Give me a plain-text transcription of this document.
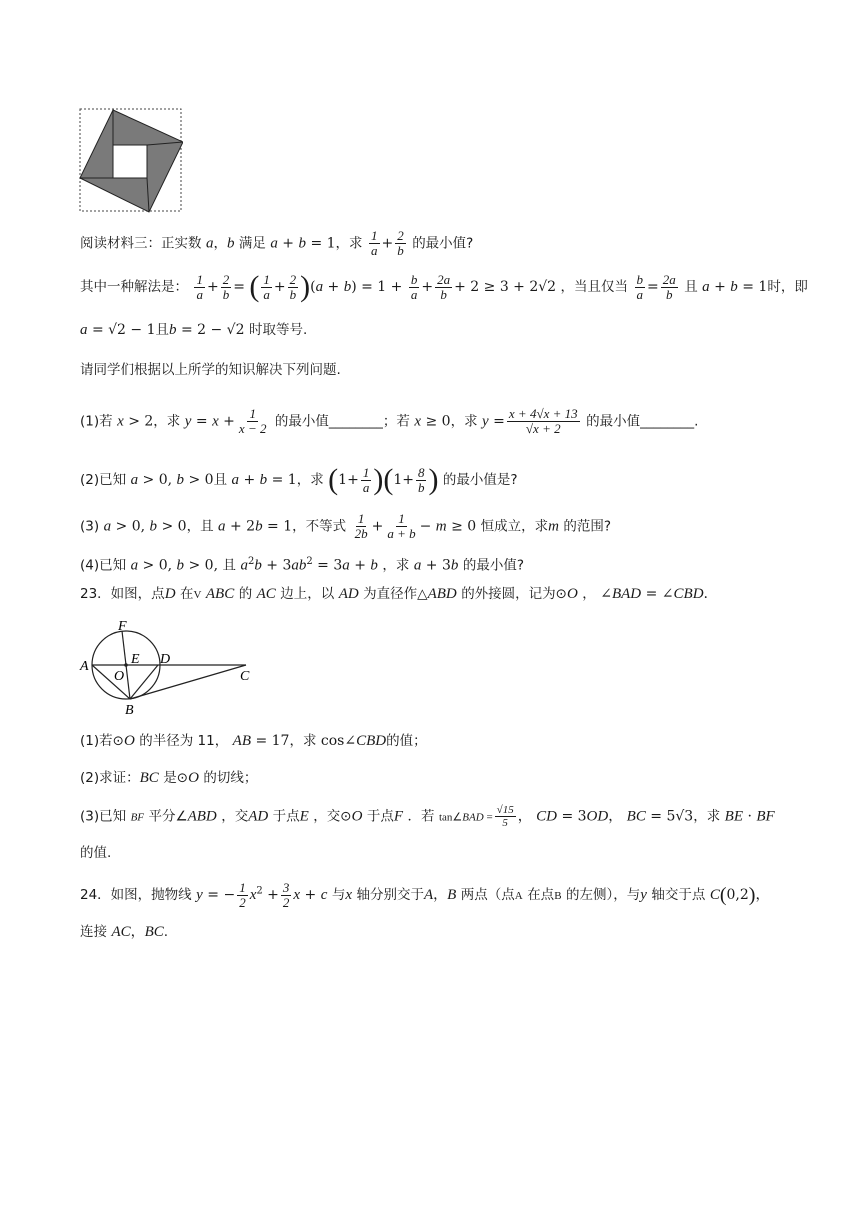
阅读材料三：正实数 a，b 满足 a + b = 1，求 $\frac{1}{a} + \frac{2}{b}$ 的最小值?
其中一种解法是： $\frac{1}{a} + \frac{2}{b}$ = ( $\frac{1}{a} + \frac{2}{b} )(a + b) = 1 + \frac{b}{a} + \frac{2a}{b} + 2 \ge 3 + 2√2$ ，当且仅当 $\frac{b}{a} = \frac{2a}{b}$ 且 a + b = 1时，即
a = √2 − 1且b = 2 − √2 时取等号.
请同学们根据以上所学的知识解决下列问题.
(1)若 x > 2，求 $y = x + \frac{1}{x - 2}$ 的最小值________；若 x ≥ 0，求 $y = \frac{x + 4√x + 13}{√x + 2}$ 的最小值________.
(2)已知 a > 0, b > 0且 a + b = 1，求 $(1+ \frac{1}{a} )(1+ \frac{8}{b}$ ) 的最小值是?
(3) a > 0, b > 0，且 a + 2b = 1，不等式 $\frac{1}{2b} + \frac{1}{a + b} - m \ge 0$ 恒成立，求m 的范围?
(4)已知 a > 0, b > 0, 且 $a^2b + 3ab^2 = 3a + b$ ，求 a + 3b 的最小值?
23．如图，点D 在V ABC 的 AC 边上，以 AD 为直径作△ABD 的外接圆，记为⊙O ， ∠BAD = ∠CBD.
F
E D
A
O	C
B
(1)若⊙O 的半径为 11， AB = 17，求 cos∠CBD的值；
(2)求证：BC 是⊙O 的切线；
(3)已知 BF 平分∠ABD ，交AD 于点E ，交⊙O 于点F ．若 tan∠BAD = $\frac{√15}{5}$ ， CD = 3OD， BC = 5√3，求 BE · BF
的值.
24．如图，抛物线 y = − $\frac{1}{2} x^2 + \frac{3}{2}$ x + c 与x 轴分别交于A，B 两点（点A 在点B 的左侧），与y 轴交于点 C(0,2)，
连接 AC，BC.
